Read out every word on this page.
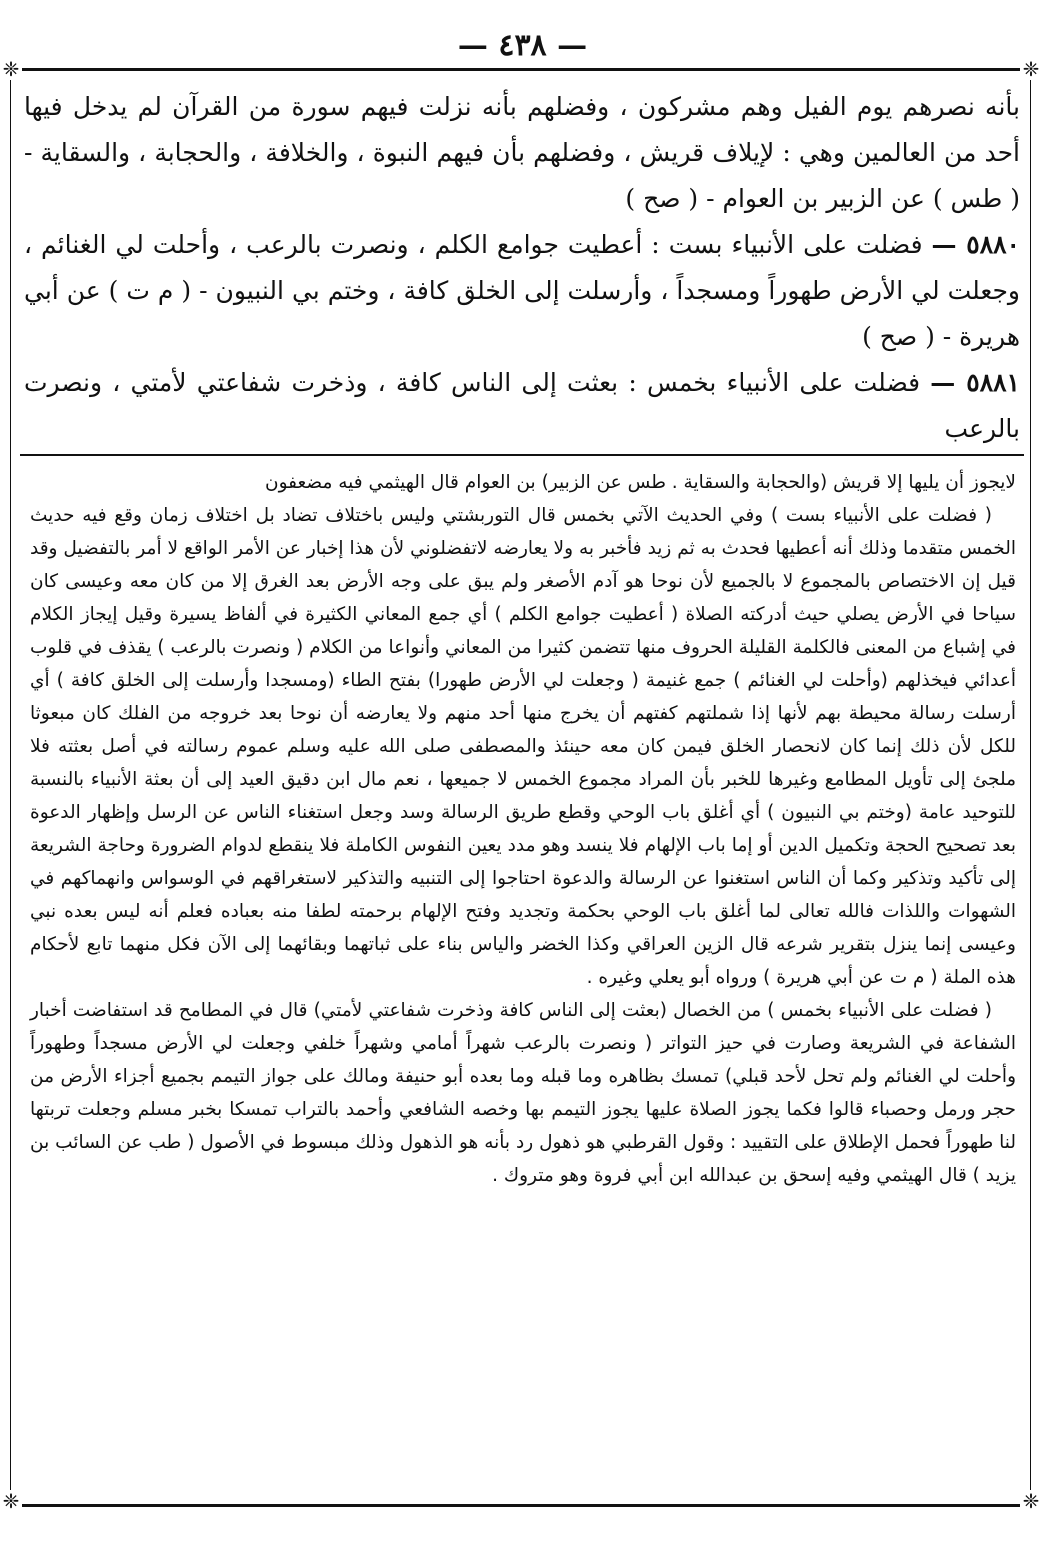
— ٤٣٨ —
❈	❈
❈	❈

بأنه نصرهم يوم الفيل وهم مشركون ، وفضلهم بأنه نزلت فيهم سورة من القرآن لم يدخل فيها أحد من العالمين وهي : لإيلاف قريش ، وفضلهم بأن فيهم النبوة ، والخلافة ، والحجابة ، والسقاية - ( طس ) عن الزبير بن العوام - ( صح )

٥٨٨٠ — فضلت على الأنبياء بست : أعطيت جوامع الكلم ، ونصرت بالرعب ، وأحلت لي الغنائم ، وجعلت لي الأرض طهوراً ومسجداً ، وأرسلت إلى الخلق كافة ، وختم بي النبيون - ( م ت ) عن أبي هريرة - ( صح )

٥٨٨١ — فضلت على الأنبياء بخمس : بعثت إلى الناس كافة ، وذخرت شفاعتي لأمتي ، ونصرت بالرعب

لايجوز أن يليها إلا قريش (والحجابة والسقاية . طس عن الزبير) بن العوام قال الهيثمي فيه مضعفون

( فضلت على الأنبياء بست ) وفي الحديث الآتي بخمس قال التوربشتي وليس باختلاف تضاد بل اختلاف زمان وقع فيه حديث الخمس متقدما وذلك أنه أعطيها فحدث به ثم زيد فأخبر به ولا يعارضه لاتفضلوني لأن هذا إخبار عن الأمر الواقع لا أمر بالتفضيل وقد قيل إن الاختصاص بالمجموع لا بالجميع لأن نوحا هو آدم الأصغر ولم يبق على وجه الأرض بعد الغرق إلا من كان معه وعيسى كان سياحا في الأرض يصلي حيث أدركته الصلاة ( أعطيت جوامع الكلم ) أي جمع المعاني الكثيرة في ألفاظ يسيرة وقيل إيجاز الكلام في إشباع من المعنى فالكلمة القليلة الحروف منها تتضمن كثيرا من المعاني وأنواعا من الكلام ( ونصرت بالرعب ) يقذف في قلوب أعدائي فيخذلهم (وأحلت لي الغنائم ) جمع غنيمة ( وجعلت لي الأرض طهورا) بفتح الطاء (ومسجدا وأرسلت إلى الخلق كافة ) أي أرسلت رسالة محيطة بهم لأنها إذا شملتهم كفتهم أن يخرج منها أحد منهم ولا يعارضه أن نوحا بعد خروجه من الفلك كان مبعوثا للكل لأن ذلك إنما كان لانحصار الخلق فيمن كان معه حينئذ والمصطفى صلى الله عليه وسلم عموم رسالته في أصل بعثته فلا ملجئ إلى تأويل المطامع وغيرها للخبر بأن المراد مجموع الخمس لا جميعها ، نعم مال ابن دقيق العيد إلى أن بعثة الأنبياء بالنسبة للتوحيد عامة (وختم بي النبيون ) أي أغلق باب الوحي وقطع طريق الرسالة وسد وجعل استغناء الناس عن الرسل وإظهار الدعوة بعد تصحيح الحجة وتكميل الدين أو إما باب الإلهام فلا ينسد وهو مدد يعين النفوس الكاملة فلا ينقطع لدوام الضرورة وحاجة الشريعة إلى تأكيد وتذكير وكما أن الناس استغنوا عن الرسالة والدعوة احتاجوا إلى التنبيه والتذكير لاستغراقهم في الوسواس وانهماكهم في الشهوات واللذات فالله تعالى لما أغلق باب الوحي بحكمة وتجديد وفتح الإلهام برحمته لطفا منه بعباده فعلم أنه ليس بعده نبي وعيسى إنما ينزل بتقرير شرعه قال الزين العراقي وكذا الخضر والياس بناء على ثباتهما وبقائهما إلى الآن فكل منهما تابع لأحكام هذه الملة ( م ت عن أبي هريرة ) ورواه أبو يعلي وغيره .

( فضلت على الأنبياء بخمس ) من الخصال (بعثت إلى الناس كافة وذخرت شفاعتي لأمتي) قال في المطامح قد استفاضت أخبار الشفاعة في الشريعة وصارت في حيز التواتر ( ونصرت بالرعب شهراً أمامي وشهراً خلفي وجعلت لي الأرض مسجداً وطهوراً وأحلت لي الغنائم ولم تحل لأحد قبلي) تمسك بظاهره وما قبله وما بعده أبو حنيفة ومالك على جواز التيمم بجميع أجزاء الأرض من حجر ورمل وحصباء قالوا فكما يجوز الصلاة عليها يجوز التيمم بها وخصه الشافعي وأحمد بالتراب تمسكا بخبر مسلم وجعلت تربتها لنا طهوراً فحمل الإطلاق على التقييد : وقول القرطبي هو ذهول رد بأنه هو الذهول وذلك مبسوط في الأصول ( طب عن السائب بن يزيد ) قال الهيثمي وفيه إسحق بن عبدالله ابن أبي فروة وهو متروك .
